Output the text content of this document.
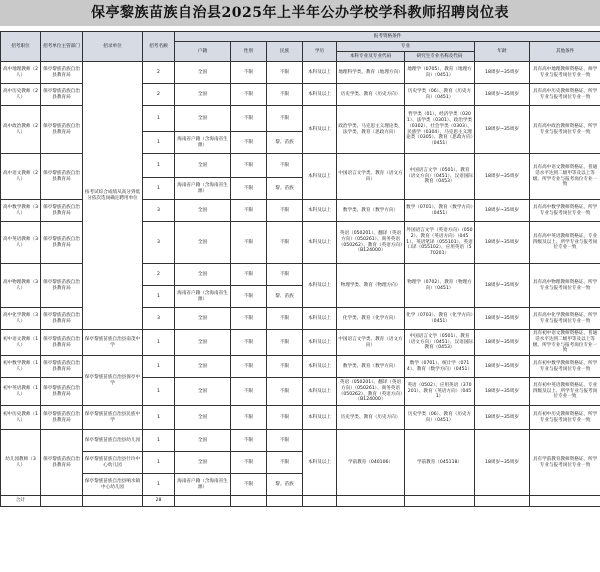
保亭黎族苗族自治县2025年上半年公办学校学科教师招聘岗位表
招考职位	招考单位主管部门	招录单位	招考名额	报考资格条件							
				户籍	性别	民族	学历	专业		年龄	其他条件
								本科专业及专业代码	研究生专业名称及代码		
高中地理教师（2人）	保亭黎族苗族自治县教育局	按考试综合成绩从高分到低分依次选岗确定聘用单位	2	全国	不限	不限	本科及以上	地理科学类、教育（地理方向）	地理学（0705）、教育（地理方向）（0451）	18周岁~35周岁	具有高中地理教师资格证、师学专业与报考岗位专业一致
高中历史教师（2人）	保亭黎族苗族自治县教育局		2	全国	不限	不限	本科及以上	历史学类、教育（历史方向）	历史学类（06）、教育（历史方向）（0451）	18周岁~35周岁	具有高中历史教师资格证、所学专业与报考岗位专业一致
高中政治教师（2人）	保亭黎族苗族自治县教育局		1	全国	不限	不限	本科及以上	政治学类、马克思主义理论类、法学类、教育（思政方向）	哲学类（01）、经济学类（0201）、法学类（0301）、政治学类（0302）、社会学类（0303）、民族学（0304）、马克思主义理论类（0305）、教育（思政方向）（0451）	18周岁~35周岁	具有高中政治教师资格证、所学专业与报考岗位专业一致
			1	海南省户籍（含海南省生源）	不限	黎、苗族					
高中语文教师（2人）	保亭黎族苗族自治县教育局		1	全国	不限	不限	本科及以上	中国语言文学类、教育（语文方向）	中国语言文学（0501）、教育（语文方向）（0451）、汉语国际教育（0453）	18周岁~35周岁	具有高中语文教师资格证、普通话水平达到二级甲等及以上等级、所学专业与报考岗位专业一致
			1	海南省户籍（含海南省生源）	不限	黎、苗族					
高中数学教师（3人）	保亭黎族苗族自治县教育局		3	全国	不限	不限	本科及以上	数学类、教育（数学方向）	数学（0701）、教育（数学方向）（0451）	18周岁~35周岁	具有高中数学教师资格证、所学专业与报考岗位专业一致
高中英语教师（3人）	保亭黎族苗族自治县教育局		3	全国	不限	不限	本科及以上	英语（050201）、翻译（英语方向）（050261）、商务英语（050262）、教育（英语方向）（B124000）	外国语言文学（英语方向）（0502）、教育（英语方向）（0451）、英语笔译（055101）、英语口译（055102）、应用英语（570201）	18周岁~35周岁	具有高中英语教师资格证、专业四级及以上、所学专业与报考岗位专业一致
高中物理教师（3人）	保亭黎族苗族自治县教育局		2	全国	不限	不限	本科及以上	物理学类、教育（物理方向）	物理学（0702）、教育（物理方向）（0451）	18周岁~35周岁	具有高中物理教师资格证、所学专业与报考岗位专业一致
			1	海南省户籍（含海南省生源）	不限	黎、苗族					
高中化学教师（3人）	保亭黎族苗族自治县教育局		3	全国	不限	不限	本科及以上	化学类、教育（化学方向）	化学（0703）、教育（化学方向）（0451）	18周岁~35周岁	具有高中化学教师资格证、所学专业与报考岗位专业一致
初中语文教师（1人）	保亭黎族苗族自治县教育局	保亭黎族苗族自治县南茂中学	1	全国	不限	不限	本科及以上	中国语言文学类、教育（语文方向）	中国语言文学（0501）、教育（语文方向）（0451）、汉语国际教育（0453）	18周岁~35周岁	具有初中语文教师资格证、普通话水平达到二级甲等及以上等级、所学专业与报考岗位专业一致
初中数学教师（1人）	保亭黎族苗族自治县教育局	保亭黎族苗族自治县保亭中学	1	全国	不限	不限	本科及以上	数学类、教育（数学方向）	数学（0701）、统计学（0714）、教育（数学方向）（0451）	18周岁~35周岁	具有初中数学教师资格证、所学专业与报考岗位专业一致
初中英语教师（1人）	保亭黎族苗族自治县教育局		1	全国	不限	不限	本科及以上	英语（050201）、翻译（英语方向）（050261）、商务英语（050262）、教育（英语方向）（B124000）	英语（0502）、应用英语（370201）、教育（英语方向）（0451）	18周岁~35周岁	具有初中英语教师资格证、专业四级及以上、所学专业与报考岗位专业一致
初中历史教师（1人）	保亭黎族苗族自治县教育局	保亭黎族苗族自治县民族中学	1	全国	不限	不限	本科及以上	历史学类、教育（历史方向）	历史学类（06）、教育（历史方向）（0451）	18周岁~35周岁	具有初中历史教师资格证、所学专业与报考岗位专业一致
幼儿园教师（3人）	保亭黎族苗族自治县教育局	保亭黎族苗族自治县幼儿园	1	全国	不限	不限	本科及以上	学前教育（040106）	学前教育（045118）	18周岁~35周岁	具有学前教育教师资格证、所学专业与报考岗位专业一致
		保亭黎族苗族自治县什玲中心幼儿园	1	全国	不限	不限					
		保亭黎族苗族自治县响水镇中心幼儿园	1	海南省户籍（含海南省生源）	不限	黎、苗族					
合计			28								
